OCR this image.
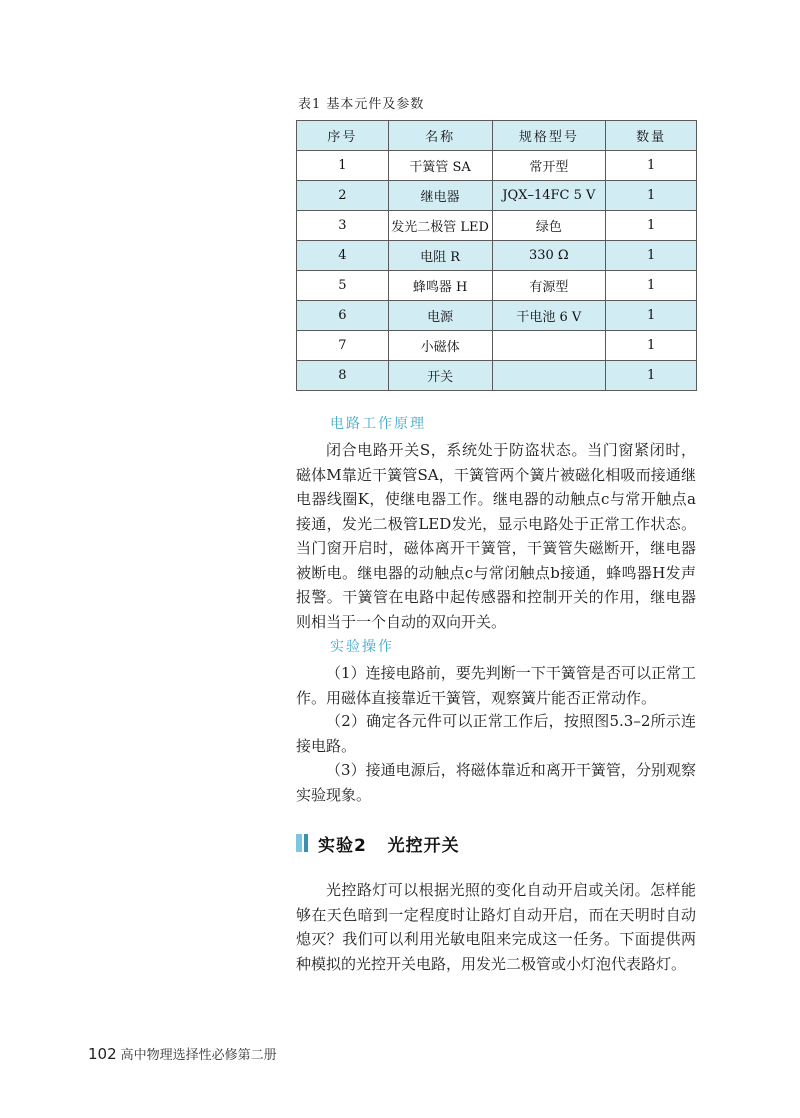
表1 基本元件及参数
序号	名称	规格型号	数量
1	干簧管 SA	常开型	1
2	继电器	JQX–14FC 5 V	1
3	发光二极管 LED	绿色	1
4	电阻 R	330 Ω	1
5	蜂鸣器 H	有源型	1
6	电源	干电池 6 V	1
7	小磁体		1
8	开关		1
电路工作原理

闭合电路开关S，系统处于防盗状态。当门窗紧闭时，磁体M靠近干簧管SA，干簧管两个簧片被磁化相吸而接通继电器线圈K，使继电器工作。继电器的动触点c与常开触点a接通，发光二极管LED发光，显示电路处于正常工作状态。当门窗开启时，磁体离开干簧管，干簧管失磁断开，继电器被断电。继电器的动触点c与常闭触点b接通，蜂鸣器H发声报警。干簧管在电路中起传感器和控制开关的作用，继电器则相当于一个自动的双向开关。

实验操作

（1）连接电路前，要先判断一下干簧管是否可以正常工作。用磁体直接靠近干簧管，观察簧片能否正常动作。

（2）确定各元件可以正常工作后，按照图5.3–2所示连接电路。

（3）接通电源后，将磁体靠近和离开干簧管，分别观察实验现象。

实验2   光控开关

光控路灯可以根据光照的变化自动开启或关闭。怎样能够在天色暗到一定程度时让路灯自动开启，而在天明时自动熄灭？我们可以利用光敏电阻来完成这一任务。下面提供两种模拟的光控开关电路，用发光二极管或小灯泡代表路灯。

102 高中物理选择性必修第二册
